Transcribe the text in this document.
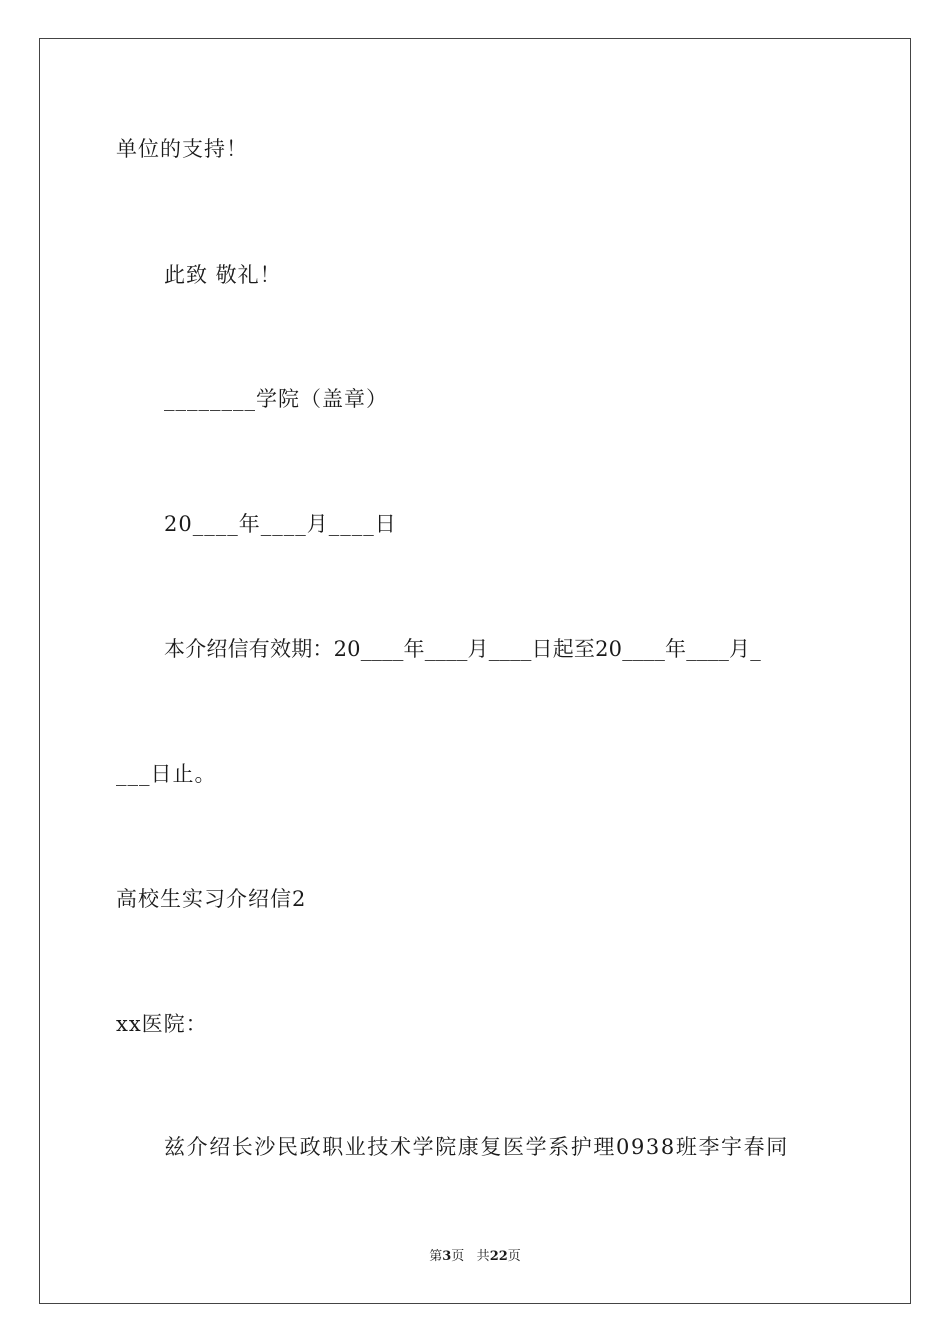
单位的支持！
此致 敬礼！
________学院（盖章）
20____年____月____日
本介绍信有效期：20____年____月____日起至20____年____月_
___日止。
高校生实习介绍信2
xx医院：
兹介绍长沙民政职业技术学院康复医学系护理0938班李宇春同
第3页 共22页
